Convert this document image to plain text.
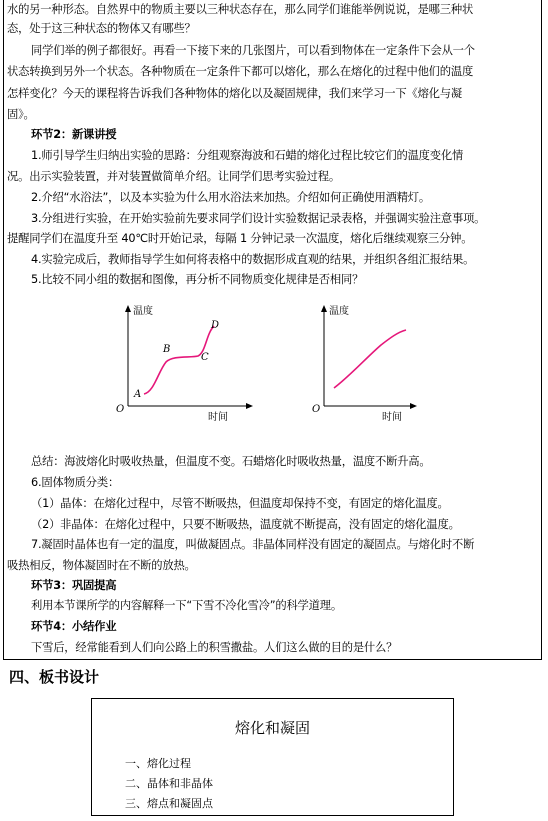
水的另一种形态。自然界中的物质主要以三种状态存在，那么同学们谁能举例说说，是哪三种状
态，处于这三种状态的物体又有哪些？
同学们举的例子都很好。再看一下接下来的几张图片，可以看到物体在一定条件下会从一个
状态转换到另外一个状态。各种物质在一定条件下都可以熔化，那么在熔化的过程中他们的温度
怎样变化？今天的课程将告诉我们各种物体的熔化以及凝固规律，我们来学习一下《熔化与凝
固》。
环节2：新课讲授
1.师引导学生归纳出实验的思路：分组观察海波和石蜡的熔化过程比较它们的温度变化情
况。出示实验装置，并对装置做简单介绍。让同学们思考实验过程。
2.介绍“水浴法”，以及本实验为什么用水浴法来加热。介绍如何正确使用酒精灯。
3.分组进行实验，在开始实验前先要求同学们设计实验数据记录表格，并强调实验注意事项。
提醒同学们在温度升至 40℃时开始记录，每隔 1 分钟记录一次温度，熔化后继续观察三分钟。
4.实验完成后，教师指导学生如何将表格中的数据形成直观的结果，并组织各组汇报结果。
5.比较不同小组的数据和图像，再分析不同物质变化规律是否相同？
温度
时间
O
A
B
C
D
温度
时间
O
总结：海波熔化时吸收热量，但温度不变。石蜡熔化时吸收热量，温度不断升高。
6.固体物质分类：
（1）晶体：在熔化过程中，尽管不断吸热，但温度却保持不变，有固定的熔化温度。
（2）非晶体：在熔化过程中，只要不断吸热，温度就不断提高，没有固定的熔化温度。
7.凝固时晶体也有一定的温度，叫做凝固点。非晶体同样没有固定的凝固点。与熔化时不断
吸热相反，物体凝固时在不断的放热。
环节3：巩固提高
利用本节课所学的内容解释一下“下雪不冷化雪冷”的科学道理。
环节4：小结作业
下雪后，经常能看到人们向公路上的积雪撒盐。人们这么做的目的是什么？
四、板书设计
熔化和凝固
一、熔化过程
二、晶体和非晶体
三、熔点和凝固点
